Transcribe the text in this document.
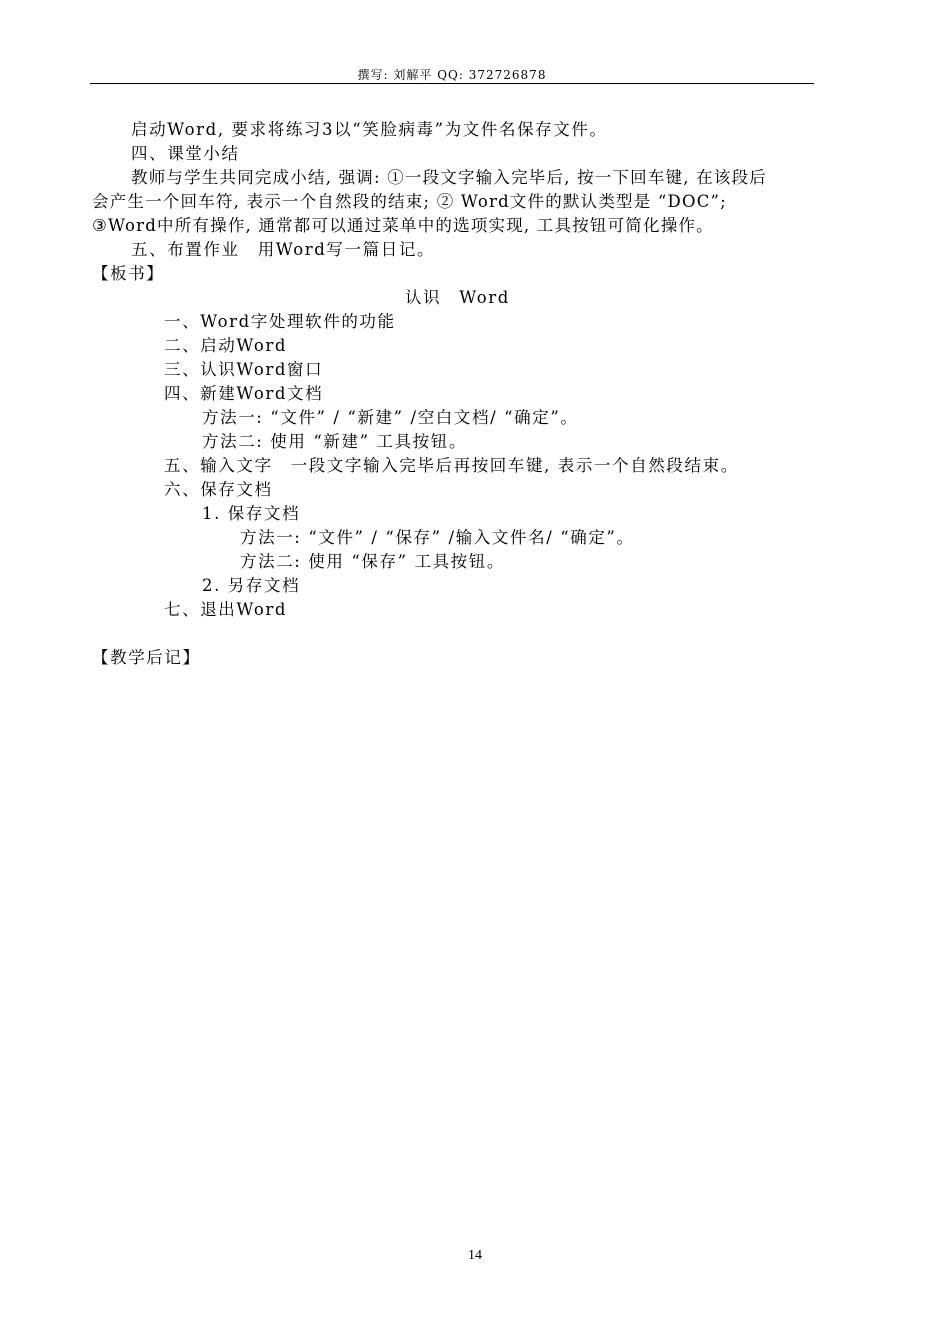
撰写: 刘解平 QQ: 372726878
启动Word, 要求将练习3以“笑脸病毒”为文件名保存文件。
四、课堂小结
教师与学生共同完成小结, 强调: ①一段文字输入完毕后, 按一下回车键, 在该段后
会产生一个回车符, 表示一个自然段的结束; ② Word文件的默认类型是 “DOC”;
③Word中所有操作, 通常都可以通过菜单中的选项实现, 工具按钮可简化操作。
五、布置作业　用Word写一篇日记。
【板书】
认识　Word
一、Word字处理软件的功能
二、启动Word
三、认识Word窗口
四、新建Word文档
方法一: “文件” / “新建” /空白文档/ “确定”。
方法二: 使用 “新建” 工具按钮。
五、输入文字　一段文字输入完毕后再按回车键, 表示一个自然段结束。
六、保存文档
1. 保存文档
方法一: “文件” / “保存” /输入文件名/ “确定”。
方法二: 使用 “保存” 工具按钮。
2. 另存文档
七、退出Word
【教学后记】
14
